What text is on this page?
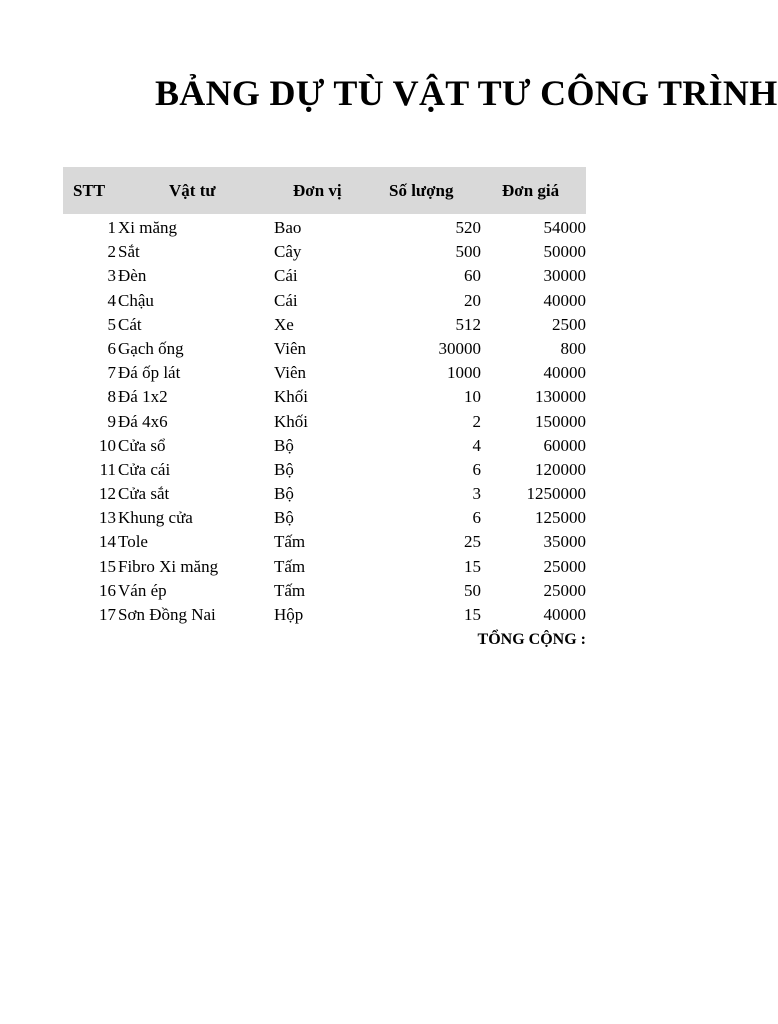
BẢNG DỰ TÙ VẬT TƯ CÔNG TRÌNH
STT	Vật tư	Đơn vị	Số lượng	Đơn giá
1 Xi măng	Bao	520	54000
2 Sắt	Cây	500	50000
3 Đèn	Cái	60	30000
4 Chậu	Cái	20	40000
5 Cát	Xe	512	2500
6 Gạch ống	Viên	30000	800
7 Đá ốp lát	Viên	1000	40000
8 Đá 1x2	Khối	10	130000
9 Đá 4x6	Khối	2	150000
10 Cửa sổ	Bộ	4	60000
11 Cửa cái	Bộ	6	120000
12 Cửa sắt	Bộ	3	1250000
13 Khung cửa	Bộ	6	125000
14 Tole	Tấm	25	35000
15 Fibro Xi măng	Tấm	15	25000
16 Ván ép	Tấm	50	25000
17 Sơn Đồng Nai	Hộp	15	40000
TỔNG CỘNG :
